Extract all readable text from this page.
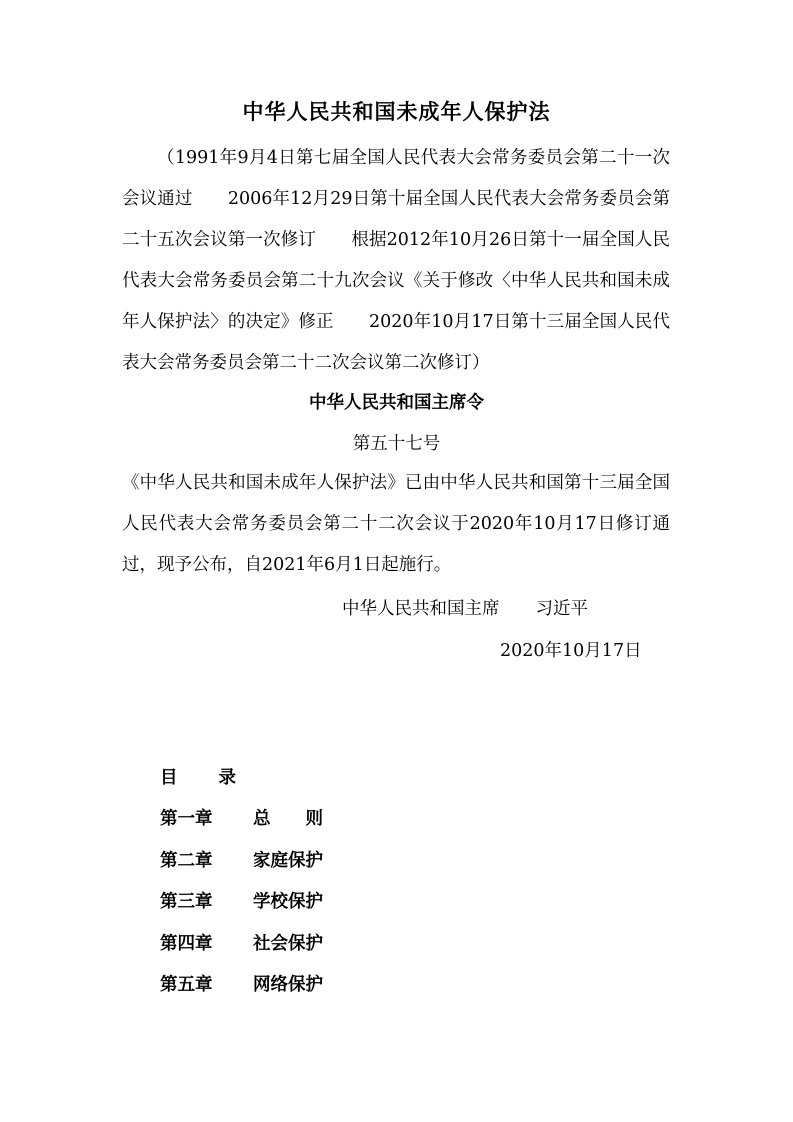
中华人民共和国未成年人保护法
（1991年9月4日第七届全国人民代表大会常务委员会第二十一次会议通过　　2006年12月29日第十届全国人民代表大会常务委员会第二十五次会议第一次修订　　根据2012年10月26日第十一届全国人民代表大会常务委员会第二十九次会议《关于修改〈中华人民共和国未成年人保护法〉的决定》修正　　2020年10月17日第十三届全国人民代表大会常务委员会第二十二次会议第二次修订）
中华人民共和国主席令
第五十七号
《中华人民共和国未成年人保护法》已由中华人民共和国第十三届全国人民代表大会常务委员会第二十二次会议于2020年10月17日修订通过，现予公布，自2021年6月1日起施行。
中华人民共和国主席 习近平
2020年10月17日
目　　录
第一章 总　　则
第二章 家庭保护
第三章 学校保护
第四章 社会保护
第五章 网络保护
